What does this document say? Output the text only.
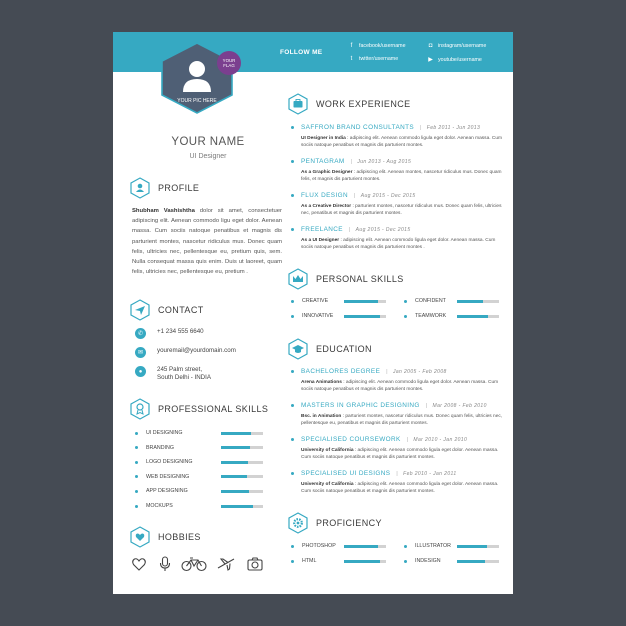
FOLLOW ME
f	facebook/username
t	twitter/username
◘	instagram/username
▶ youtube/username
YOUR PIC HERE
YOUR
FLAG
YOUR NAME
UI Designer
PROFILE
Shubham Vashishtha dolor sit amet, consectetuer adipiscing elit. Aenean commodo ligu eget dolor. Aenean massa. Cum sociis natoque penatibus et magnis dis parturient montes, nascetur ridiculus mus. Donec quam felis, ultricies nec, pellentesque eu, pretium quis, sem. Nulla consequat massa quis enim. Duis ut laoreet, quam felis, ultricies nec, pellentesque eu, pretium .
CONTACT
✆	+1 234 555 6640
✉	youremail@yourdomain.com
●	245 Palm street,
South Delhi - INDIA
PROFESSIONAL SKILLS
UI DESIGNING
BRANDING
LOGO DESIGNING
WEB DESIGNING
APP DESIGNING
MOCKUPS
HOBBIES
WORK EXPERIENCE
SAFFRON BRAND CONSULTANTS	| Feb 2011 - Jun 2013
UI Designer in India : adipiscing elit. Aenean commodo ligula eget dolor. Aenean massa. Cum sociis natoque penatibus et magnis dis parturient montes.
PENTAGRAM	| Jun 2013 - Aug 2015
As a Graphic Designer : adipiscing elit. Aenean montes, nascetur ridiculus mus. Donec quam felis, et magnis dis parturient montes.
FLUX DESIGN	| Aug 2015 - Dec 2015
As a Creative Director : parturient montes, nascetur ridiculus mus. Donec quam felis, ultricies nec, penatibus et magnis dis parturient montes.
FREELANCE	| Aug 2015 - Dec 2015
As a UI Designer : adipiscing elit. Aenean commodo ligula eget dolor. Aenean massa. Cum sociis natoque penatibus et magnis dis parturient montes .
PERSONAL SKILLS
CREATIVE	CONFIDENT
INNOVATIVE	TEAMWORK
EDUCATION
BACHELORES DEGREE	| Jan 2005 - Feb 2008
Arena Animations : adipiscing elit. Aenean commodo ligula eget dolor. Aenean massa. Cum sociis natoque penatibus et magnis dis parturient montes.
MASTERS IN GRAPHIC DESIGNING	| Mar 2008 - Feb 2010
Bsc. in Animation : parturient montes, nascetur ridiculus mus. Donec quam felis, ultricies nec, pellentesque eu, penatibus et magnis dis parturient montes.
SPECIALISED COURSEWORK	| Mar 2010 - Jan 2010
University of California : adipiscing elit. Aenean commodo ligula eget dolor. Aenean massa. Cum sociis natoque penatibus et magnis dis parturient montes.
SPECIALISED UI DESIGNS	| Feb 2010 - Jan 2011
University of California : adipiscing elit. Aenean commodo ligula eget dolor. Aenean massa. Cum sociis natoque penatibus et magnis dis parturient montes.
PROFICIENCY
PHOTOSHOP	ILLUSTRATOR
HTML	INDESIGN
